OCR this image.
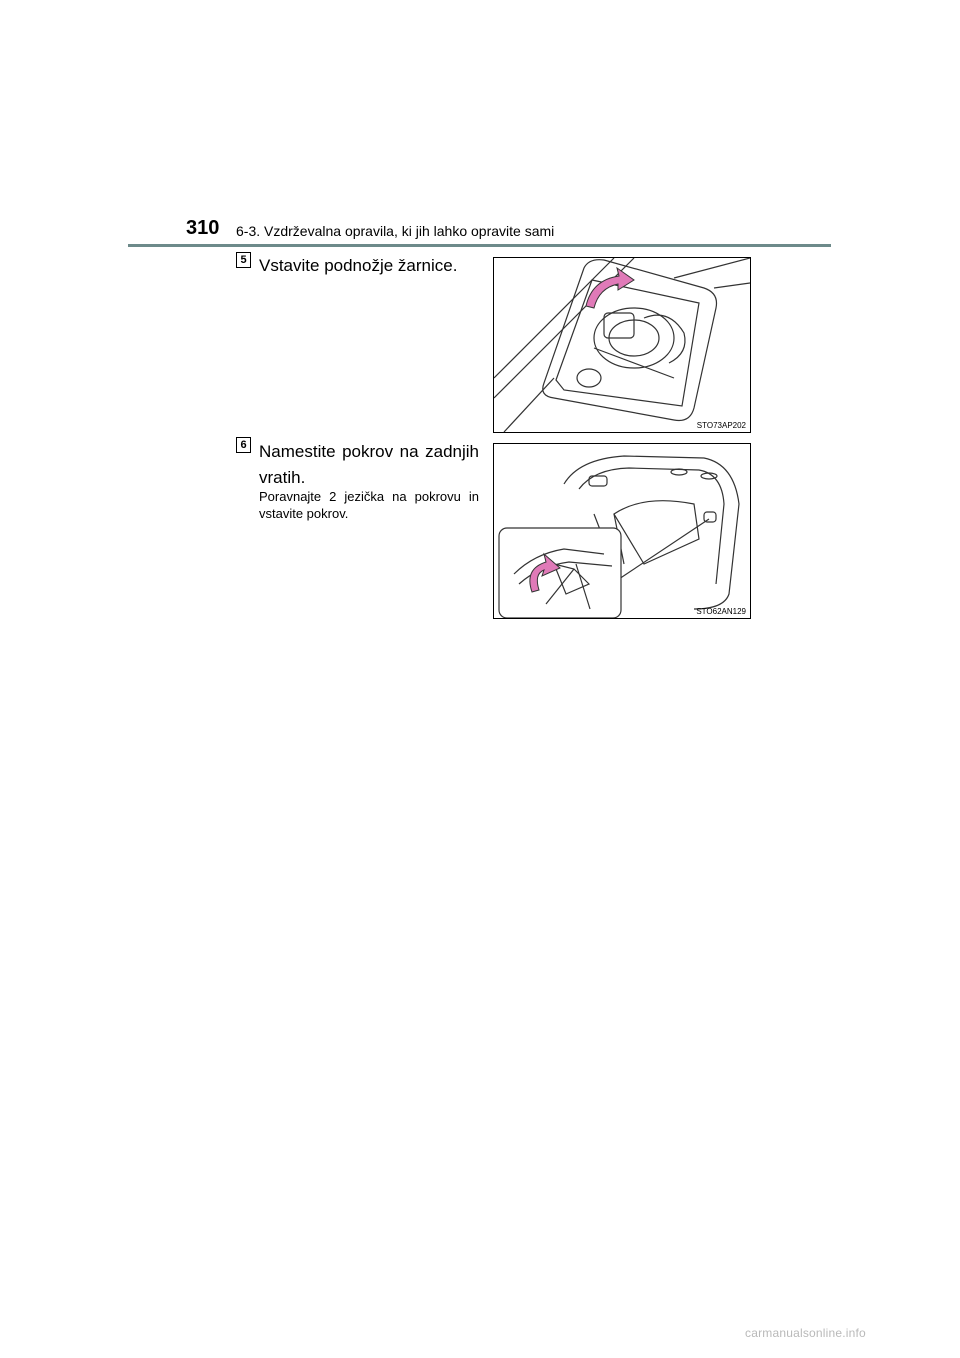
310 6-3. Vzdrževalna opravila, ki jih lahko opravite sami
5 Vstavite podnožje žarnice.
STO73AP202
6 Namestite pokrov na zadnjih vratih.
Poravnajte 2 jezička na pokrovu in vstavite pokrov.
STO62AN129
carmanualsonline.info
